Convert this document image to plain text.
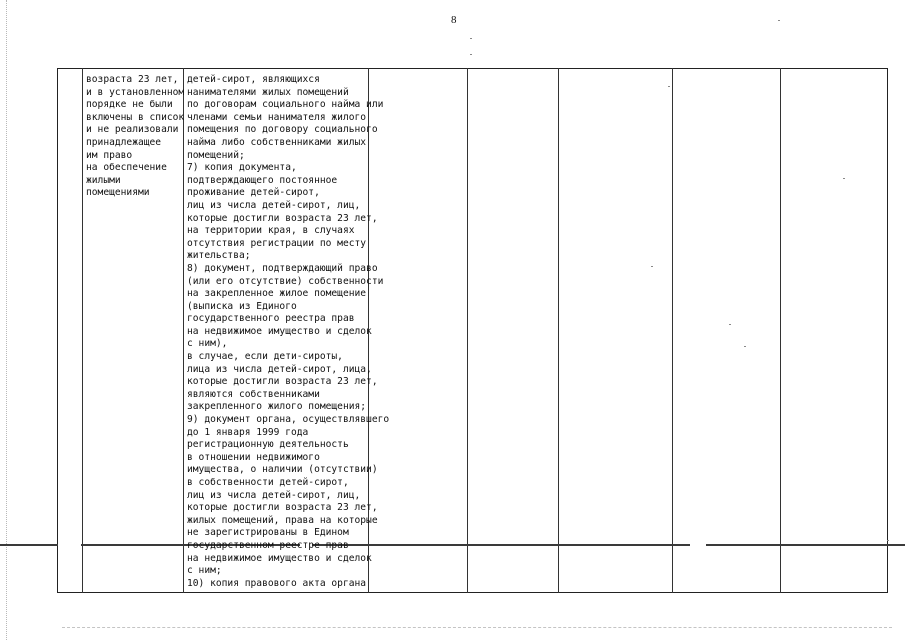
8
возраста 23 лет,
и в установленном
порядке не были
включены в список
и не реализовали
принадлежащее
им право
на обеспечение
жилыми
помещениями
детей-сирот, являющихся
нанимателями жилых помещений
по договорам социального найма или
членами семьи нанимателя жилого
помещения по договору социального
найма либо собственниками жилых
помещений;
7) копия документа,
подтверждающего постоянное
проживание детей-сирот,
лиц из числа детей-сирот, лиц,
которые достигли возраста 23 лет,
на территории края, в случаях
отсутствия регистрации по месту
жительства;
8) документ, подтверждающий право
(или его отсутствие) собственности
на закрепленное жилое помещение
(выписка из Единого
государственного реестра прав
на недвижимое имущество и сделок
с ним),
в случае, если дети-сироты,
лица из числа детей-сирот, лица,
которые достигли возраста 23 лет,
являются собственниками
закрепленного жилого помещения;
9) документ органа, осуществлявшего
до 1 января 1999 года
регистрационную деятельность
в отношении недвижимого
имущества, о наличии (отсутствии)
в собственности детей-сирот,
лиц из числа детей-сирот, лиц,
которые достигли возраста 23 лет,
жилых помещений, права на которые
не зарегистрированы в Едином
государственном реестре прав
на недвижимое имущество и сделок
с ним;
10) копия правового акта органа
